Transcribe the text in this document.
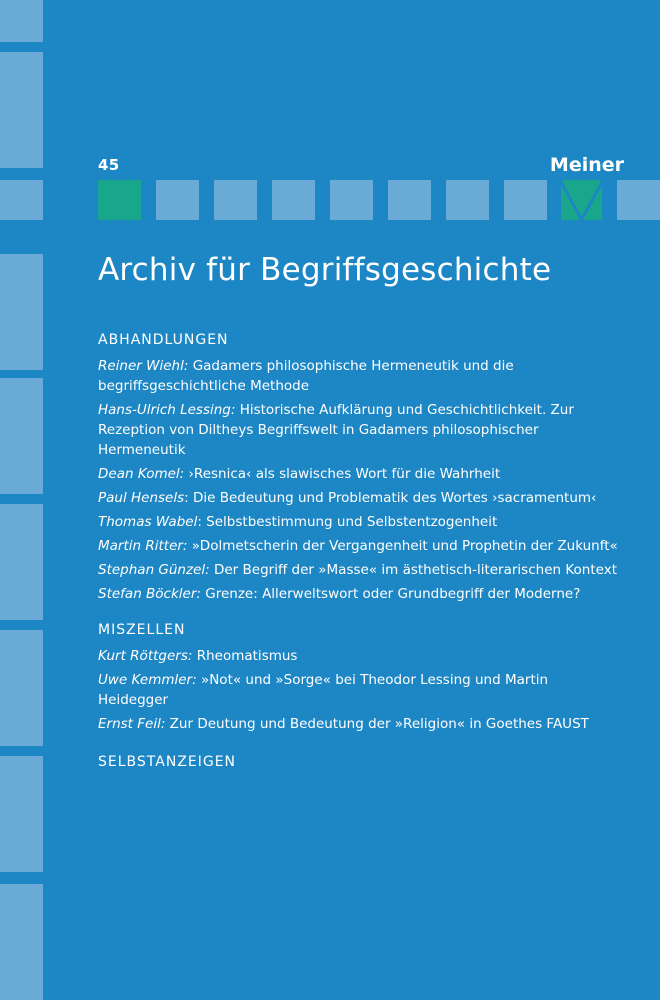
45	Meiner
Archiv für Begriffsgeschichte
ABHANDLUNGEN
Reiner Wiehl: Gadamers philosophische Hermeneutik und die begriffsgeschichtliche Methode
Hans-Ulrich Lessing: Historische Aufklärung und Geschichtlichkeit. Zur Rezeption von Diltheys Begriffswelt in Gadamers philosophischer Hermeneutik
Dean Komel: ›Resnica‹ als slawisches Wort für die Wahrheit
Paul Hensels: Die Bedeutung und Problematik des Wortes ›sacramentum‹
Thomas Wabel: Selbstbestimmung und Selbstentzogenheit
Martin Ritter: »Dolmetscherin der Vergangenheit und Prophetin der Zukunft«
Stephan Günzel: Der Begriff der »Masse« im ästhetisch-literarischen Kontext
Stefan Böckler: Grenze: Allerweltswort oder Grundbegriff der Moderne?
MISZELLEN
Kurt Röttgers: Rheomatismus
Uwe Kemmler: »Not« und »Sorge« bei Theodor Lessing und Martin Heidegger
Ernst Feil: Zur Deutung und Bedeutung der »Religion« in Goethes FAUST
SELBSTANZEIGEN
